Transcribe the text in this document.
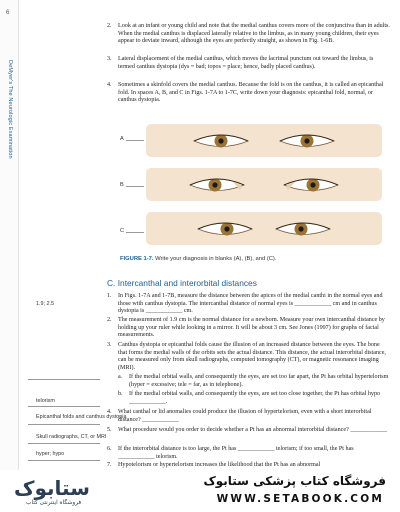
6
DeMyer's The Neurologic Examination
2. Look at an infant or young child and note that the medial canthus covers more of the conjunctiva than in adults. When the medial canthus is displaced laterally relative to the limbus, as in many young children, their eyes appear to deviate inward, although the eyes are perfectly straight, as shown in Fig. 1-6B.
3. Lateral displacement of the medial canthus, which moves the lacrimal punctum out toward the limbus, is termed canthus dystopia (dys = bad; topos = place; hence, badly placed canthus).
4. Sometimes a skinfold covers the medial canthus. Because the fold is on the canthus, it is called an epicanthal fold. In spaces A, B, and C in Figs. 1-7A to 1-7C, write down your diagnosis: epicanthal fold, normal, or canthus dystopia.
A
B
C
FIGURE 1-7. Write your diagnosis in blanks (A), (B), and (C).
C. Intercanthal and interorbital distances
1. In Figs. 1-7A and 1-7B, measure the distance between the apices of the medial canthi in the normal eyes and those with canthus dystopia. The intercanthal distance of normal eyes is ____________ cm and in canthus dystopia is ____________ cm.
2. The measurement of 1.9 cm is the normal distance for a newborn. Measure your own intercanthal distance by holding up your ruler while looking in a mirror. It will be about 3 cm. See Jones (1997) for graphs of facial measurements.
3. Canthus dystopia or epicanthal folds cause the illusion of an increased distance between the eyes. The bone that forms the medial walls of the orbits sets the actual distance. This distance, the actual interorbital distance, can be measured only from skull radiographs, computed tomography (CT), or magnetic resonance imaging (MRI).
a. If the medial orbital walls, and consequently the eyes, are set too far apart, the Pt has orbital hypertelorism (hyper = excessive; tele = far, as in telephone).
b. If the medial orbital walls, and consequently the eyes, are set too close together, the Pt has orbital hypo ____________.
4. What canthal or lid anomalies could produce the illusion of hypertelorism, even with a short interorbital distance? ____________
5. What procedure would you order to decide whether a Pt has an abnormal interorbital distance? ____________
6. If the interorbital distance is too large, the Pt has ____________ telorism; if too small, the Pt has ____________ telorism.
7. Hypotelorism or hypertelorism increases the likelihood that the Pt has an abnormal
1.9; 2.5
telorism
Epicanthal folds and canthus dystopia
Skull radiographs, CT, or MRI
hyper; hypo
ستابوک
فروشگاه اینترنتی کتاب
فروشگاه کتاب پزشکی ستابوک
WWW.SETABOOK.COM
